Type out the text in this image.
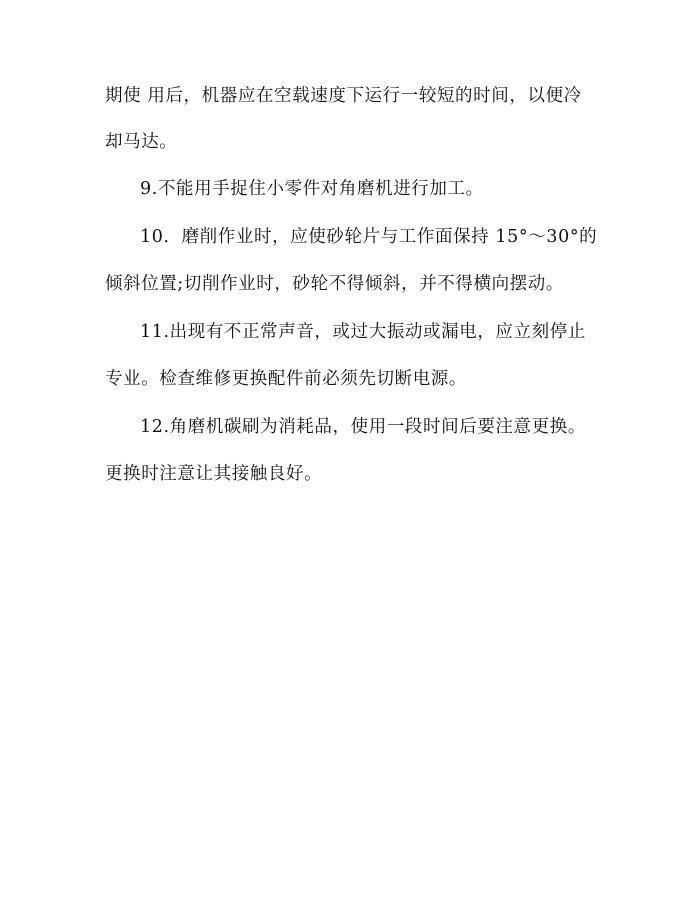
期使 用后，机器应在空载速度下运行一较短的时间，以便冷
却马达。
9.不能用手捉住小零件对角磨机进行加工。
10．磨削作业时，应使砂轮片与工作面保持 15°～30°的
倾斜位置;切削作业时，砂轮不得倾斜，并不得横向摆动。
11.出现有不正常声音，或过大振动或漏电，应立刻停止
专业。检查维修更换配件前必须先切断电源。
12.角磨机碳刷为消耗品，使用一段时间后要注意更换。
更换时注意让其接触良好。
